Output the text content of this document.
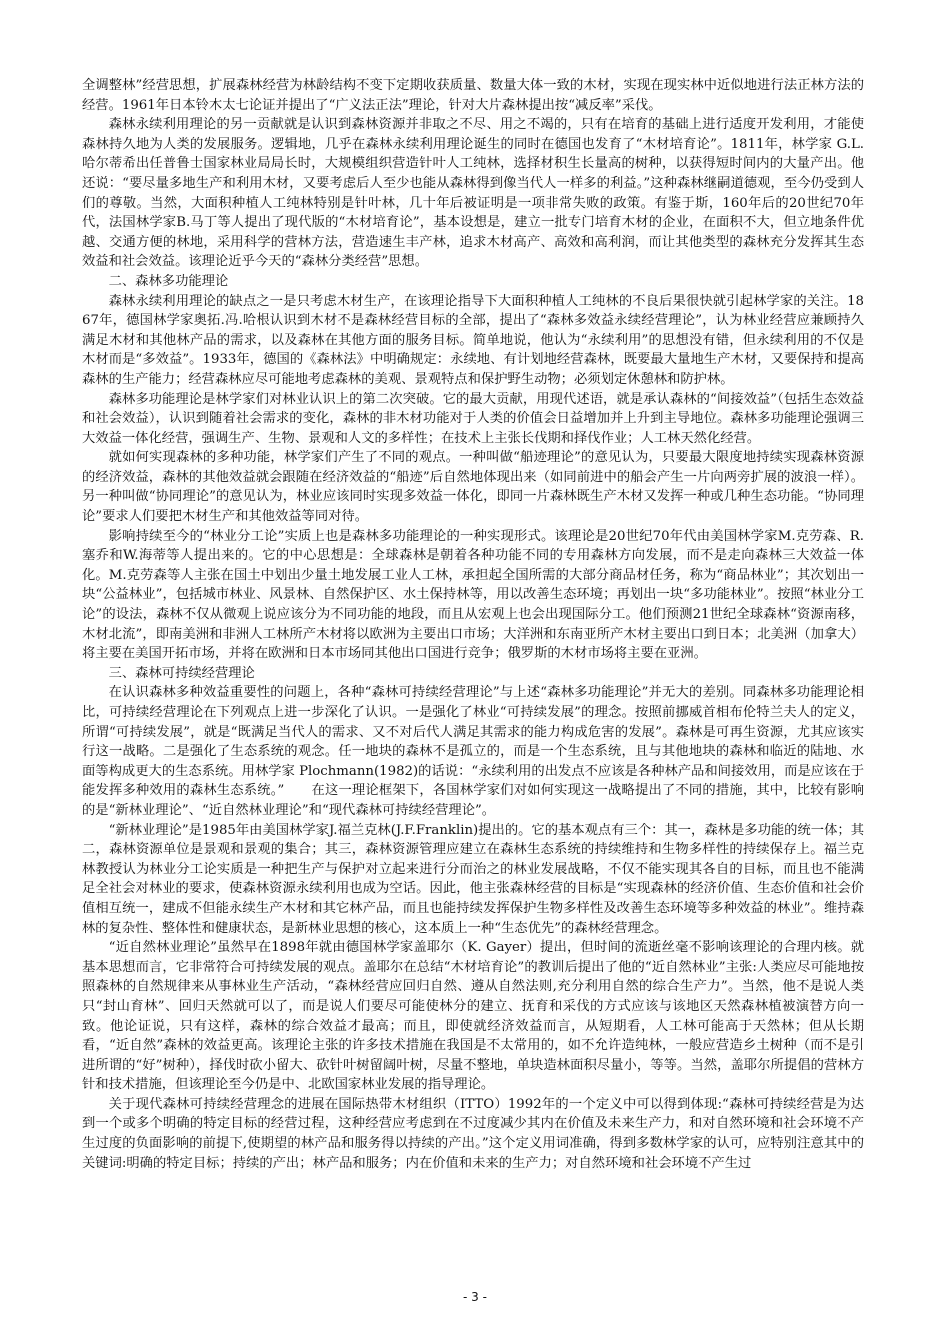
全调整林”经营思想，扩展森林经营为林龄结构不变下定期收获质量、数量大体一致的木材，实现在现实林中近似地进行法正林方法的经营。1961年日本铃木太七论证并提出了“广义法正法”理论，针对大片森林提出按“减反率”采伐。

森林永续利用理论的另一贡献就是认识到森林资源并非取之不尽、用之不竭的，只有在培育的基础上进行适度开发利用，才能使森林持久地为人类的发展服务。逻辑地，几乎在森林永续利用理论诞生的同时在德国也发育了“木材培育论”。1811年，林学家 G.L.哈尔蒂希出任普鲁士国家林业局局长时，大规模组织营造针叶人工纯林，选择材积生长量高的树种，以获得短时间内的大量产出。他还说：“要尽量多地生产和利用木材，又要考虑后人至少也能从森林得到像当代人一样多的利益。”这种森林继嗣道德观，至今仍受到人们的尊敬。当然，大面积种植人工纯林特别是针叶林，几十年后被证明是一项非常失败的政策。有鉴于斯，160年后的20世纪70年代，法国林学家B.马丁等人提出了现代版的“木材培育论”，基本设想是，建立一批专门培育木材的企业，在面积不大，但立地条件优越、交通方便的林地，采用科学的营林方法，营造速生丰产林，追求木材高产、高效和高利润，而让其他类型的森林充分发挥其生态效益和社会效益。该理论近乎今天的“森林分类经营”思想。

二、森林多功能理论

森林永续利用理论的缺点之一是只考虑木材生产，在该理论指导下大面积种植人工纯林的不良后果很快就引起林学家的关注。1867年，德国林学家奥拓.冯.哈根认识到木材不是森林经营目标的全部，提出了“森林多效益永续经营理论”，认为林业经营应兼顾持久满足木材和其他林产品的需求，以及森林在其他方面的服务目标。简单地说，他认为“永续利用”的思想没有错，但永续利用的不仅是木材而是“多效益”。1933年，德国的《森林法》中明确规定：永续地、有计划地经营森林，既要最大量地生产木材，又要保持和提高森林的生产能力；经营森林应尽可能地考虑森林的美观、景观特点和保护野生动物；必须划定休憩林和防护林。

森林多功能理论是林学家们对林业认识上的第二次突破。它的最大贡献，用现代述语，就是承认森林的“间接效益”（包括生态效益和社会效益），认识到随着社会需求的变化，森林的非木材功能对于人类的价值会日益增加并上升到主导地位。森林多功能理论强调三大效益一体化经营，强调生产、生物、景观和人文的多样性；在技术上主张长伐期和择伐作业；人工林天然化经营。

就如何实现森林的多种功能，林学家们产生了不同的观点。一种叫做“船迹理论”的意见认为，只要最大限度地持续实现森林资源的经济效益，森林的其他效益就会跟随在经济效益的“船迹”后自然地体现出来（如同前进中的船会产生一片向两旁扩展的波浪一样）。另一种叫做“协同理论”的意见认为，林业应该同时实现多效益一体化，即同一片森林既生产木材又发挥一种或几种生态功能。“协同理论”要求人们要把木材生产和其他效益等同对待。

影响持续至今的“林业分工论”实质上也是森林多功能理论的一种实现形式。该理论是20世纪70年代由美国林学家M.克劳森、R.塞乔和W.海蒂等人提出来的。它的中心思想是：全球森林是朝着各种功能不同的专用森林方向发展，而不是走向森林三大效益一体化。M.克劳森等人主张在国土中划出少量土地发展工业人工林，承担起全国所需的大部分商品材任务，称为“商品林业”；其次划出一块“公益林业”，包括城市林业、风景林、自然保护区、水土保持林等，用以改善生态环境；再划出一块“多功能林业”。按照“林业分工论”的设法，森林不仅从微观上说应该分为不同功能的地段，而且从宏观上也会出现国际分工。他们预测21世纪全球森林“资源南移，木材北流”，即南美洲和非洲人工林所产木材将以欧洲为主要出口市场；大洋洲和东南亚所产木材主要出口到日本；北美洲（加拿大）将主要在美国开拓市场，并将在欧洲和日本市场同其他出口国进行竞争；俄罗斯的木材市场将主要在亚洲。

三、森林可持续经营理论

在认识森林多种效益重要性的问题上，各种“森林可持续经营理论”与上述“森林多功能理论”并无大的差别。同森林多功能理论相比，可持续经营理论在下列观点上进一步深化了认识。一是强化了林业“可持续发展”的理念。按照前挪威首相布伦特兰夫人的定义，所谓“可持续发展”，就是“既满足当代人的需求、又不对后代人满足其需求的能力构成危害的发展”。森林是可再生资源，尤其应该实行这一战略。二是强化了生态系统的观念。任一地块的森林不是孤立的，而是一个生态系统，且与其他地块的森林和临近的陆地、水面等构成更大的生态系统。用林学家 Plochmann(1982)的话说：“永续利用的出发点不应该是各种林产品和间接效用，而是应该在于能发挥多种效用的森林生态系统。”　　在这一理论框架下，各国林学家们对如何实现这一战略提出了不同的措施，其中，比较有影响的是“新林业理论”、“近自然林业理论”和“现代森林可持续经营理论”。

“新林业理论”是1985年由美国林学家J.福兰克林(J.F.Franklin)提出的。它的基本观点有三个：其一，森林是多功能的统一体；其二，森林资源单位是景观和景观的集合；其三，森林资源管理应建立在森林生态系统的持续维持和生物多样性的持续保存上。福兰克林教授认为林业分工论实质是一种把生产与保护对立起来进行分而治之的林业发展战略，不仅不能实现其各自的目标，而且也不能满足全社会对林业的要求，使森林资源永续利用也成为空话。因此，他主张森林经营的目标是“实现森林的经济价值、生态价值和社会价值相互统一，建成不但能永续生产木材和其它林产品，而且也能持续发挥保护生物多样性及改善生态环境等多种效益的林业”。维持森林的复杂性、整体性和健康状态，是新林业思想的核心，这本质上一种“生态优先”的森林经营理念。

“近自然林业理论”虽然早在1898年就由德国林学家盖耶尔（K. Gayer）提出，但时间的流逝丝毫不影响该理论的合理内核。就基本思想而言，它非常符合可持续发展的观点。盖耶尔在总结“木材培育论”的教训后提出了他的“近自然林业”主张:人类应尽可能地按照森林的自然规律来从事林业生产活动，“森林经营应回归自然、遵从自然法则,充分利用自然的综合生产力”。当然，他不是说人类只“封山育林”、回归天然就可以了，而是说人们要尽可能使林分的建立、抚育和采伐的方式应该与该地区天然森林植被演替方向一致。他论证说，只有这样，森林的综合效益才最高；而且，即使就经济效益而言，从短期看，人工林可能高于天然林；但从长期看，“近自然”森林的效益更高。该理论主张的许多技术措施在我国是不太常用的，如不允许造纯林，一般应营造乡土树种（而不是引进所谓的“好”树种），择伐时砍小留大、砍针叶树留阔叶树，尽量不整地，单块造林面积尽量小，等等。当然，盖耶尔所提倡的营林方针和技术措施，但该理论至今仍是中、北欧国家林业发展的指导理论。

关于现代森林可持续经营理念的进展在国际热带木材组织（ITTO）1992年的一个定义中可以得到体现:“森林可持续经营是为达到一个或多个明确的特定目标的经营过程，这种经营应考虑到在不过度减少其内在价值及未来生产力，和对自然环境和社会环境不产生过度的负面影响的前提下,使期望的林产品和服务得以持续的产出。”这个定义用词准确，得到多数林学家的认可，应特别注意其中的关键词:明确的特定目标；持续的产出；林产品和服务；内在价值和未来的生产力；对自然环境和社会环境不产生过

- 3 -
